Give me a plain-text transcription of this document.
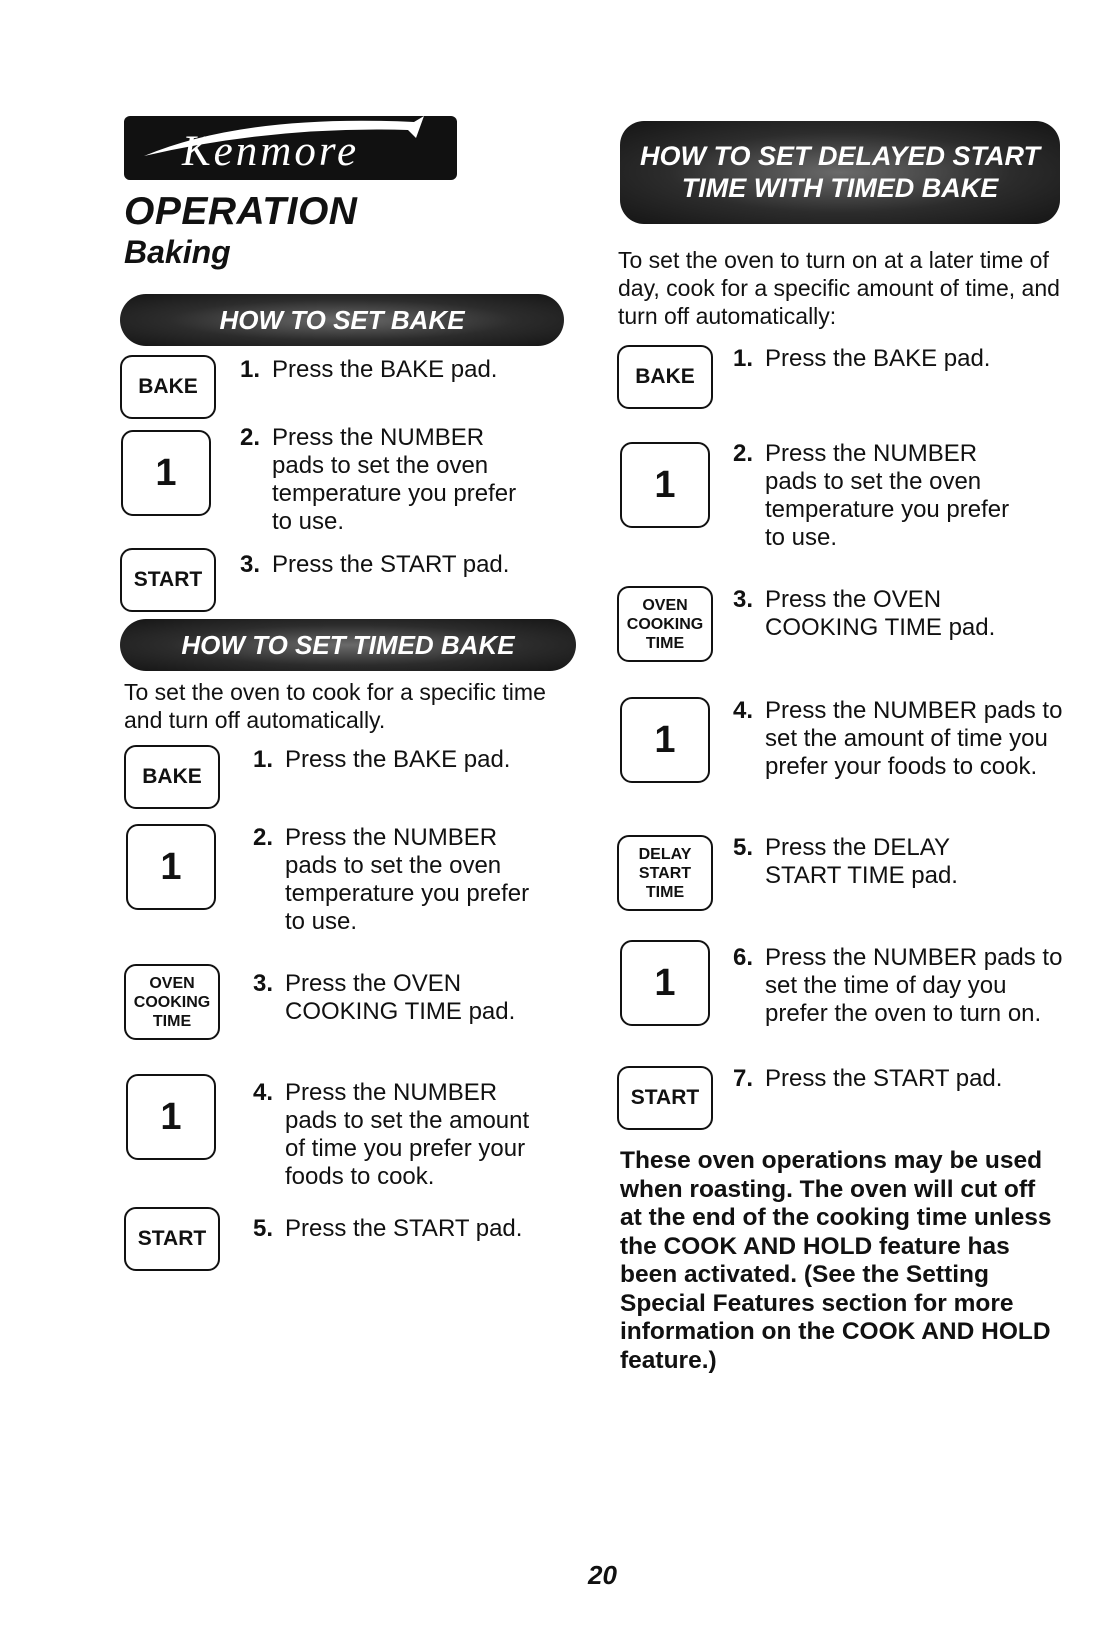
Kenmore
OPERATION
Baking
HOW TO SET BAKE
BAKE
1
START

1. Press the BAKE pad.

2. Press the NUMBER pads to set the oven temperature you prefer to use.

3. Press the START pad.

HOW TO SET TIMED BAKE

To set the oven to cook for a specific time and turn off automatically.

BAKE
1
OVEN COOKING TIME
1
START

1. Press the BAKE pad.

2. Press the NUMBER pads to set the oven temperature you prefer to use.

3. Press the OVEN COOKING TIME pad.

4. Press the NUMBER pads to set the amount of time you prefer your foods to cook.

5. Press the START pad.

HOW TO SET DELAYED START TIME WITH TIMED BAKE

To set the oven to turn on at a later time of day, cook for a specific amount of time, and turn off automatically:

BAKE
1
OVEN COOKING TIME
1
DELAY START TIME
1
START

1. Press the BAKE pad.

2. Press the NUMBER pads to set the oven temperature you prefer to use.

3. Press the OVEN COOKING TIME pad.

4. Press the NUMBER pads to set the amount of time you prefer your foods to cook.

5. Press the DELAY START TIME pad.

6. Press the NUMBER pads to set the time of day you prefer the oven to turn on.

7. Press the START pad.

These oven operations may be used when roasting. The oven will cut off at the end of the cooking time unless the COOK AND HOLD feature has been activated. (See the Setting Special Features section for more information on the COOK AND HOLD feature.)

20
